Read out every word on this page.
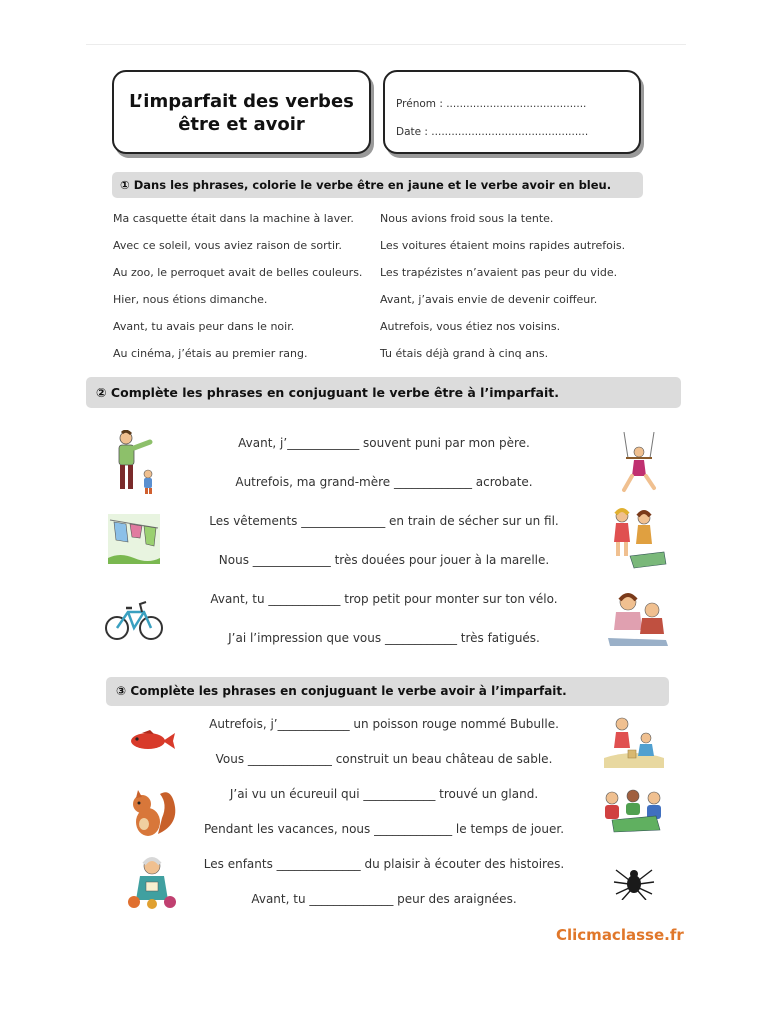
L’imparfait des verbes
être et avoir
Prénom : ..........................................
Date : ...............................................
① Dans les phrases, colorie le verbe être en jaune et le verbe avoir en bleu.
Ma casquette était dans la machine à laver.
Avec ce soleil, vous aviez raison de sortir.
Au zoo, le perroquet avait de belles couleurs.
Hier, nous étions dimanche.
Avant, tu avais peur dans le noir.
Au cinéma, j’étais au premier rang.
Nous avions froid sous la tente.
Les voitures étaient moins rapides autrefois.
Les trapézistes n’avaient pas peur du vide.
Avant, j’avais envie de devenir coiffeur.
Autrefois, vous étiez nos voisins.
Tu étais déjà grand à cinq ans.
② Complète les phrases en conjuguant le verbe être à l’imparfait.
Avant, j’____________ souvent puni par mon père.
Autrefois, ma grand-mère _____________ acrobate.
Les vêtements ______________ en train de sécher sur un fil.
Nous _____________ très douées pour jouer à la marelle.
Avant, tu ____________ trop petit pour monter sur ton vélo.
J’ai l’impression que vous ____________ très fatigués.
③ Complète les phrases en conjuguant le verbe avoir à l’imparfait.
Autrefois, j’____________ un poisson rouge nommé Bubulle.
Vous ______________ construit un beau château de sable.
J’ai vu un écureuil qui ____________ trouvé un gland.
Pendant les vacances, nous _____________ le temps de jouer.
Les enfants ______________ du plaisir à écouter des histoires.
Avant, tu ______________ peur des araignées.
Clicmaclasse.fr
